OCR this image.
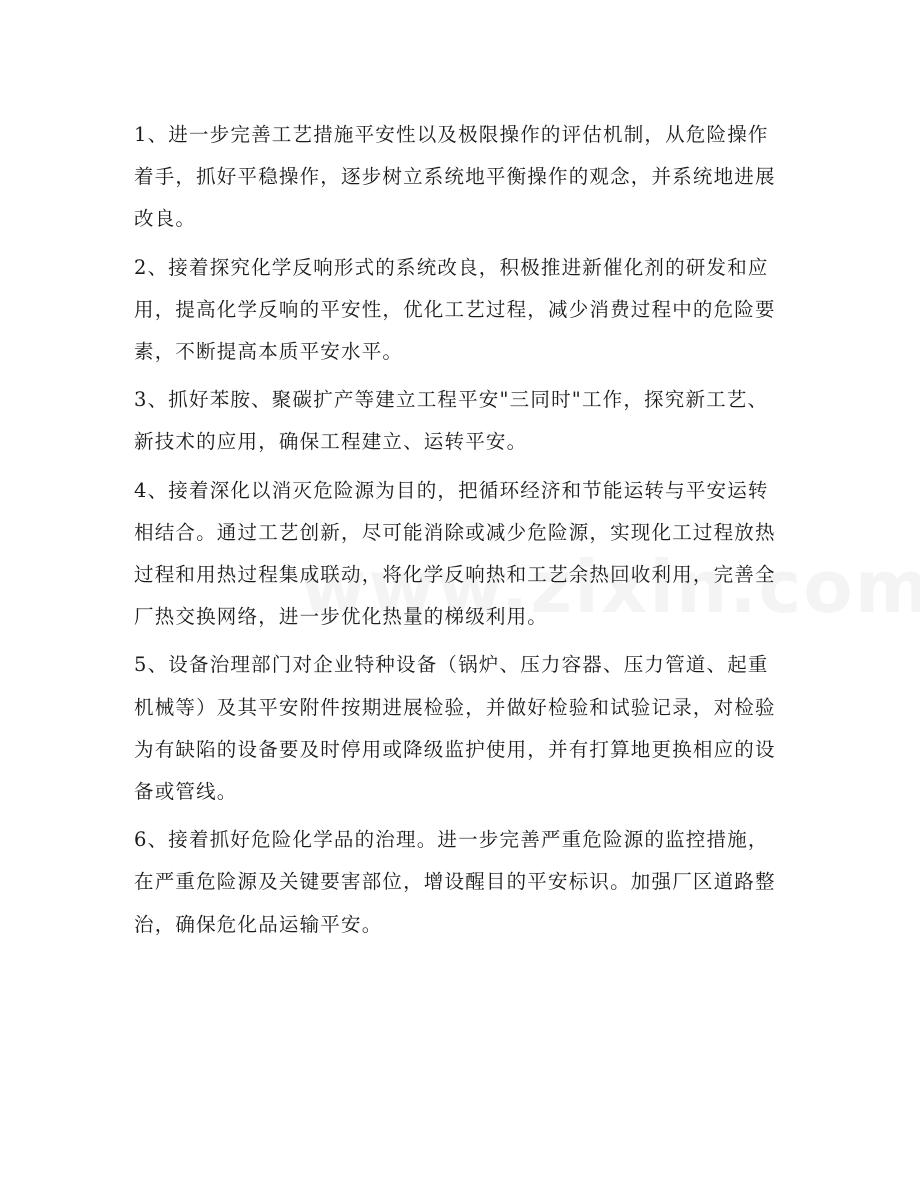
1、进一步完善工艺措施平安性以及极限操作的评估机制，从危险操作
着手，抓好平稳操作，逐步树立系统地平衡操作的观念，并系统地进展
改良。

2、接着探究化学反响形式的系统改良，积极推进新催化剂的研发和应
用，提高化学反响的平安性，优化工艺过程，减少消费过程中的危险要
素，不断提高本质平安水平。

3、抓好苯胺、聚碳扩产等建立工程平安"三同时"工作，探究新工艺、
新技术的应用，确保工程建立、运转平安。

4、接着深化以消灭危险源为目的，把循环经济和节能运转与平安运转
相结合。通过工艺创新，尽可能消除或减少危险源，实现化工过程放热
过程和用热过程集成联动，将化学反响热和工艺余热回收利用，完善全
厂热交换网络，进一步优化热量的梯级利用。

5、设备治理部门对企业特种设备（锅炉、压力容器、压力管道、起重
机械等）及其平安附件按期进展检验，并做好检验和试验记录，对检验
为有缺陷的设备要及时停用或降级监护使用，并有打算地更换相应的设
备或管线。

6、接着抓好危险化学品的治理。进一步完善严重危险源的监控措施，
在严重危险源及关键要害部位，增设醒目的平安标识。加强厂区道路整
治，确保危化品运输平安。
